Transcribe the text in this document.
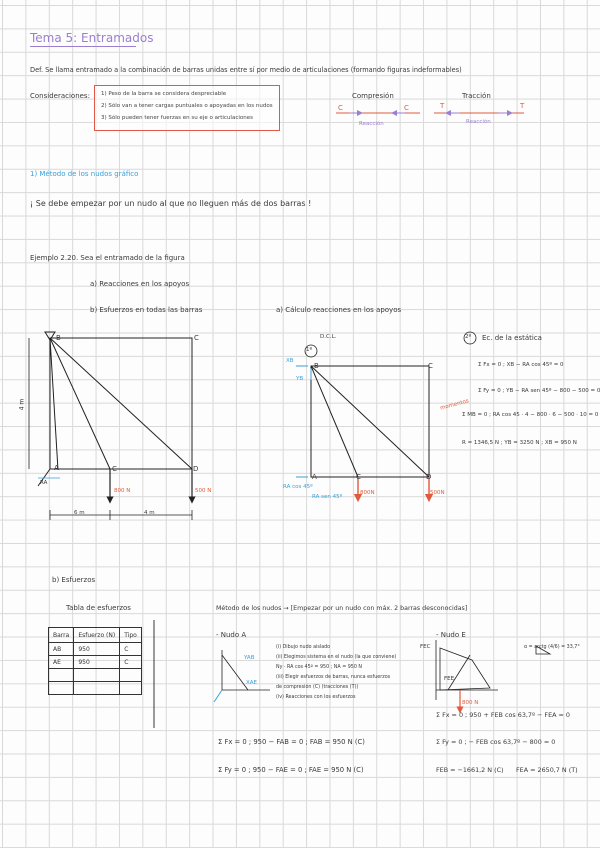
Tema 5: Entramados
Def. Se llama entramado a la combinación de barras unidas entre sí por medio de articulaciones (formando figuras indeformables)
Consideraciones: 1) Peso de la barra se considera despreciable
2) Sólo van a tener cargas puntuales o apoyadas en los nudos
3) Sólo pueden tener fuerzas en su eje o articulaciones
Compresión	Tracción
C	C	T	T
Reacción	Reacción
1) Método de los nudos gráfico
¡ Se debe empezar por un nudo al que no lleguen más de dos barras !
Ejemplo 2.20. Sea el entramado de la figura
a) Reacciones en los apoyos
b) Esfuerzos en todas las barras	a) Cálculo reacciones en los apoyos
B	C
A	C	D
4 m
800 N	500 N
RA
6 m	4 m
1º
D.C.L.
XB
YB
B	C
A	C	D
RA cos 45º
RA sen 45º
800N	500N
2º Ec. de la estática
Σ Fx = 0 ; XB − RA cos 45º = 0
Σ Fy = 0 ; YB − RA sen 45º − 800 − 500 = 0
momentos
Σ MB = 0 ; RA cos 45 · 4 − 800 · 6 − 500 · 10 = 0
R = 1346,5 N ; YB = 3250 N ; XB = 950 N
b) Esfuerzos
Tabla de esfuerzos
Barra	Esfuerzo (N)	Tipo
AB	950	C
AE	950	C

Método de los nudos → [Empezar por un nudo con máx. 2 barras desconocidas]
- Nudo A
YAB
XAE
(i) Dibujo nudo aislado
(ii) Elegimos sistema en el nudo (la que conviene)
Ny · RA cos 45º = 950 ; NA = 950 N
(iii) Elegir esfuerzos de barras, nunca esfuerzos
de compresión (C) (tracciones (T))
(iv) Reacciones con los esfuerzos
Σ Fx = 0 ; 950 − FAB = 0 ; FAB = 950 N (C)
Σ Fy = 0 ; 950 − FAE = 0 ; FAE = 950 N (C)
- Nudo E
FEC
FEE
800 N
α = arctg (4/6) = 33,7°
Σ Fx = 0 ; 950 + FEB cos 63,7º − FEA = 0
Σ Fy = 0 ; − FEB cos 63,7º − 800 = 0
FEB = −1661,2 N (C) FEA = 2650,7 N (T)
